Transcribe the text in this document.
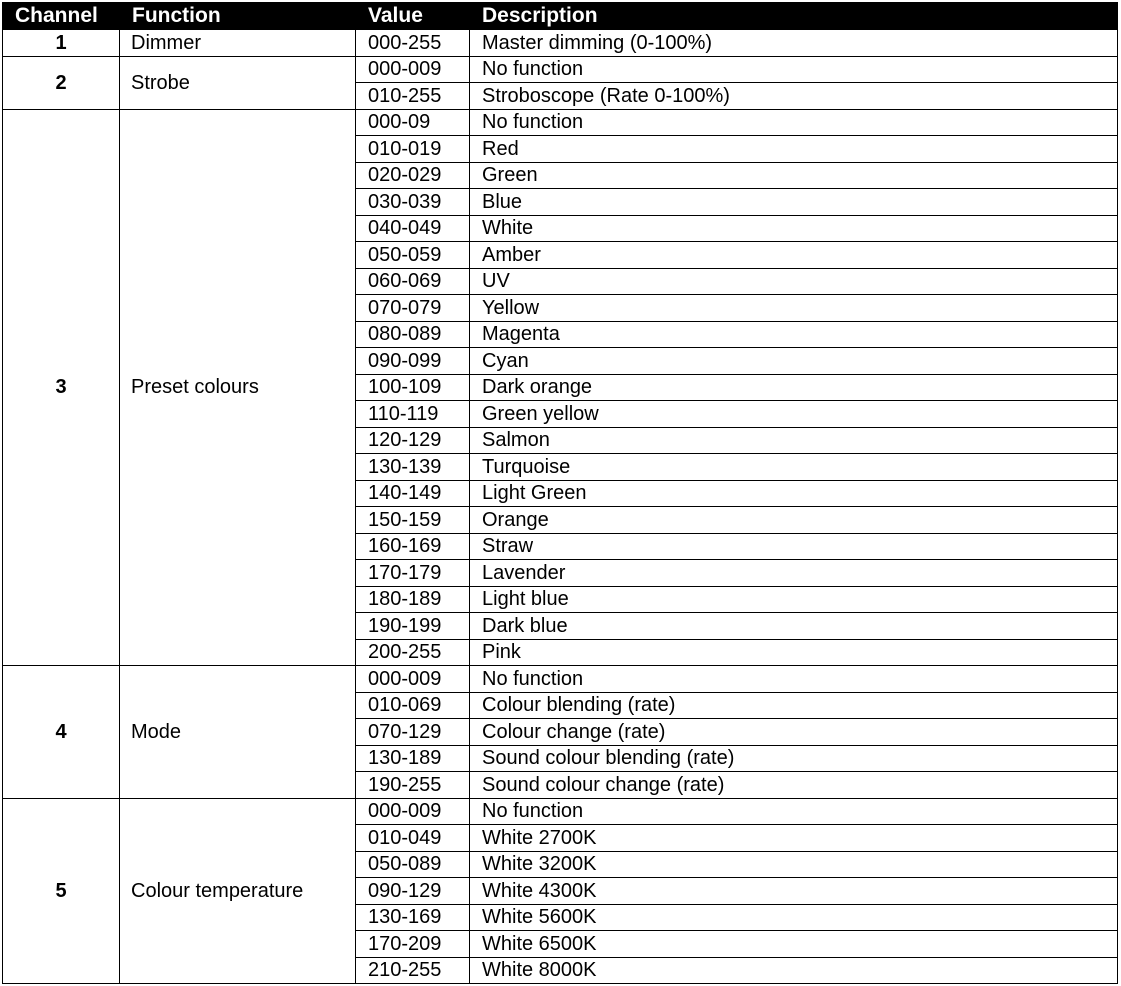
Channel	Function	Value	Description
1	Dimmer	000-255	Master dimming (0-100%)
2	Strobe	000-009	No function
		010-255	Stroboscope (Rate 0-100%)
3	Preset colours	000-09	No function
		010-019	Red
		020-029	Green
		030-039	Blue
		040-049	White
		050-059	Amber
		060-069	UV
		070-079	Yellow
		080-089	Magenta
		090-099	Cyan
		100-109	Dark orange
		110-119	Green yellow
		120-129	Salmon
		130-139	Turquoise
		140-149	Light Green
		150-159	Orange
		160-169	Straw
		170-179	Lavender
		180-189	Light blue
		190-199	Dark blue
		200-255	Pink
4	Mode	000-009	No function
		010-069	Colour blending (rate)
		070-129	Colour change (rate)
		130-189	Sound colour blending (rate)
		190-255	Sound colour change (rate)
5	Colour temperature	000-009	No function
		010-049	White 2700K
		050-089	White 3200K
		090-129	White 4300K
		130-169	White 5600K
		170-209	White 6500K
		210-255	White 8000K
